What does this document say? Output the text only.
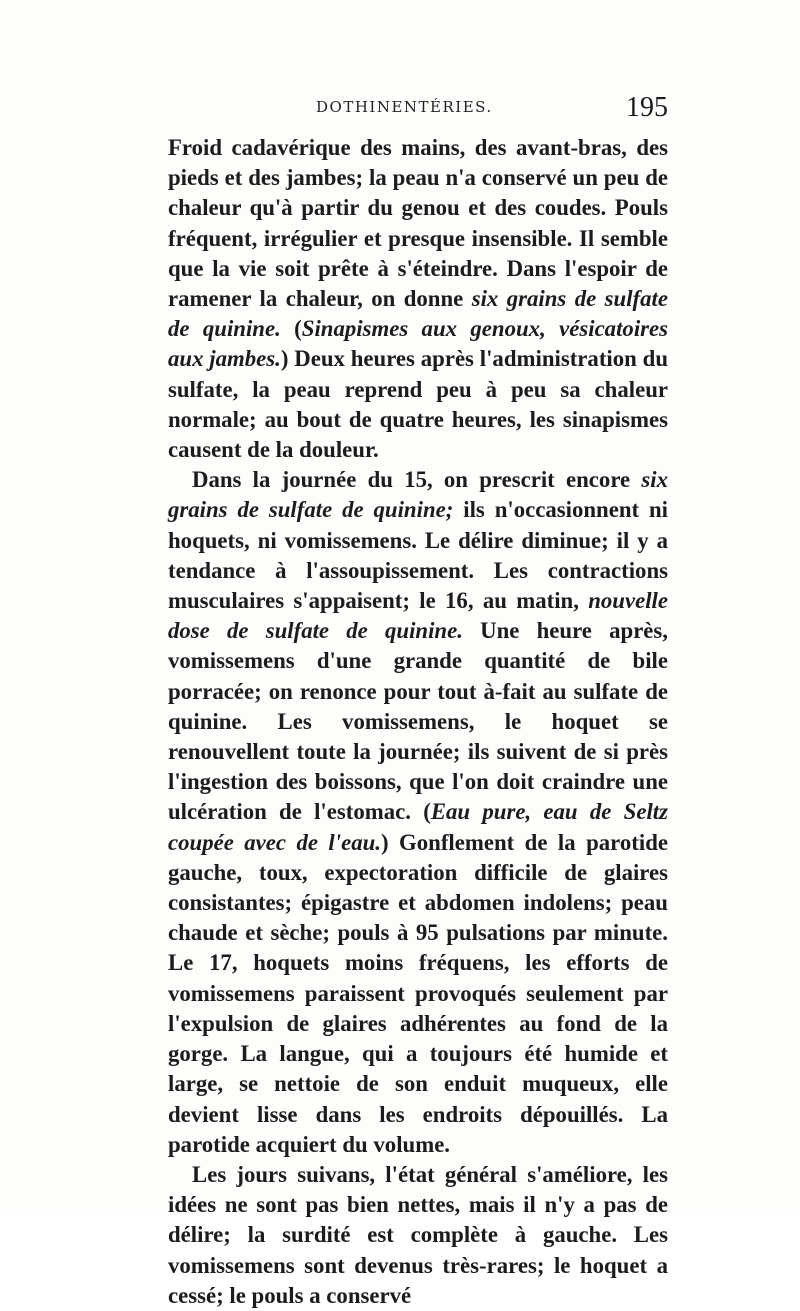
DOTHINENTÉRIES.	195

Froid cadavérique des mains, des avant-bras, des pieds et des jambes; la peau n'a conservé un peu de chaleur qu'à partir du genou et des coudes. Pouls fréquent, irrégulier et presque insensible. Il semble que la vie soit prête à s'éteindre. Dans l'espoir de ramener la chaleur, on donne six grains de sulfate de quinine. (Sinapismes aux genoux, vésicatoires aux jambes.) Deux heures après l'administration du sulfate, la peau reprend peu à peu sa chaleur normale; au bout de quatre heures, les sinapismes causent de la douleur.

Dans la journée du 15, on prescrit encore six grains de sulfate de quinine; ils n'occasionnent ni hoquets, ni vomissemens. Le délire diminue; il y a tendance à l'assoupissement. Les contractions musculaires s'appaisent; le 16, au matin, nouvelle dose de sulfate de quinine. Une heure après, vomissemens d'une grande quantité de bile porracée; on renonce pour tout à-fait au sulfate de quinine. Les vomissemens, le hoquet se renouvellent toute la journée; ils suivent de si près l'ingestion des boissons, que l'on doit craindre une ulcération de l'estomac. (Eau pure, eau de Seltz coupée avec de l'eau.) Gonflement de la parotide gauche, toux, expectoration difficile de glaires consistantes; épigastre et abdomen indolens; peau chaude et sèche; pouls à 95 pulsations par minute. Le 17, hoquets moins fréquens, les efforts de vomissemens paraissent provoqués seulement par l'expulsion de glaires adhérentes au fond de la gorge. La langue, qui a toujours été humide et large, se nettoie de son enduit muqueux, elle devient lisse dans les endroits dépouillés. La parotide acquiert du volume.

Les jours suivans, l'état général s'améliore, les idées ne sont pas bien nettes, mais il n'y a pas de délire; la surdité est complète à gauche. Les vomissemens sont devenus très-rares; le hoquet a cessé; le pouls a conservé
